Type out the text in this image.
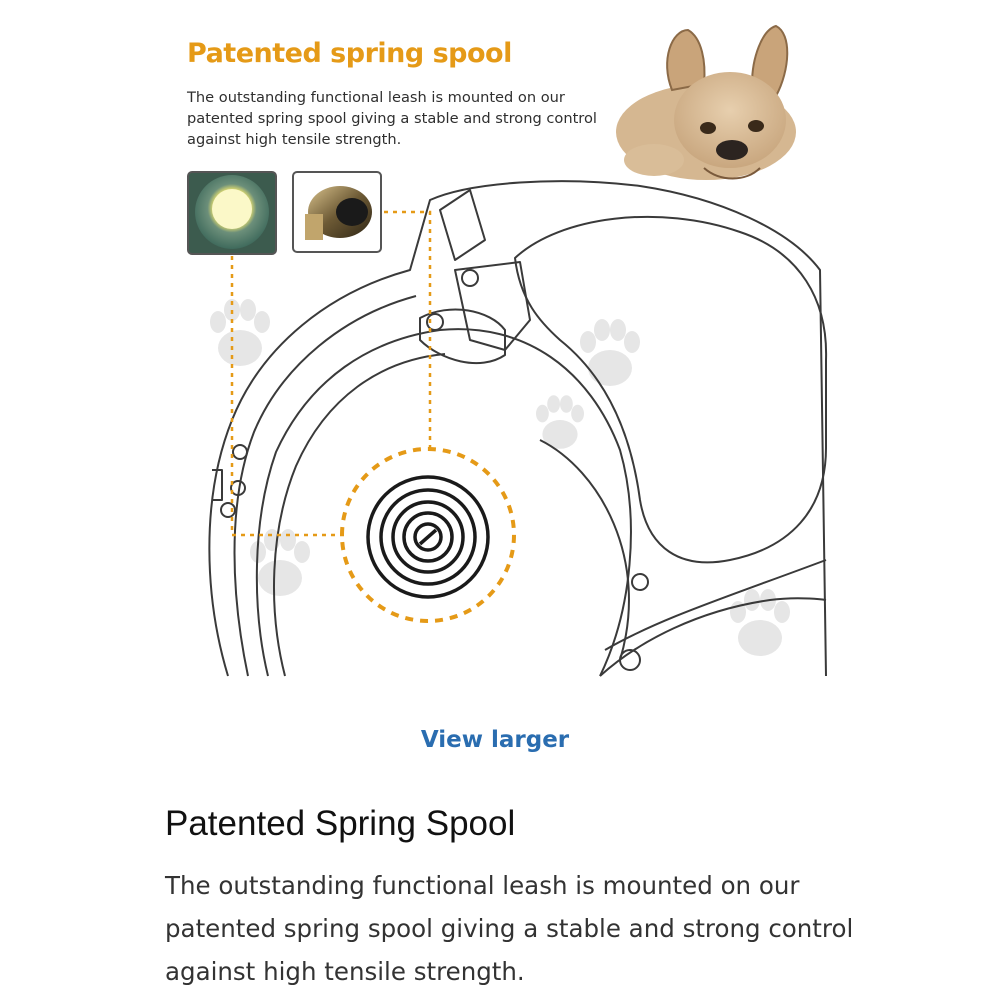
Patented spring spool

The outstanding functional leash is mounted on our patented spring spool giving a stable and strong control against high tensile strength.

View larger
Patented Spring Spool

The outstanding functional leash is mounted on our patented spring spool giving a stable and strong control against high tensile strength.
